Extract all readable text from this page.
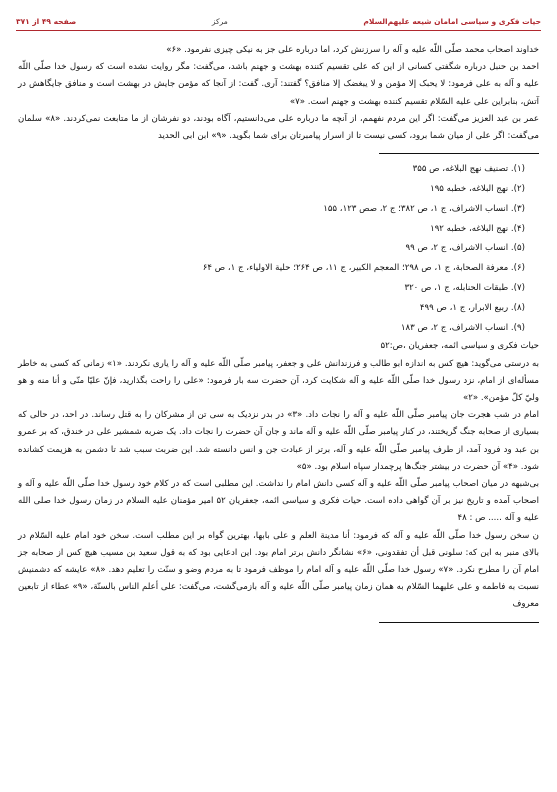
حیات فکری و سیاسی امامان شیعه علیهم‌السلام
مرکز
صفحه ۴۹ از ۳۷۱

خداوند اصحاب محمد صلّى اللّه علیه و آله را سرزنش کرد، اما درباره على جز به نیکى چیزى نفرمود. «۶»

احمد بن حنبل درباره شگفتى کسانى از این که على تقسیم کننده بهشت و جهنم باشد، مى‌گفت: مگر روایت نشده است که رسول خدا صلّى اللّه علیه و آله به على فرمود: لا یحبک إلا مؤمن و لا یبغضک إلا منافق؟ گفتند: آرى. گفت: از آنجا که مؤمن جایش در بهشت است و منافق جایگاهش در آتش، بنابراین على علیه السّلام تقسیم کننده بهشت و جهنم است. «۷»

عمر بن عبد العزیز مى‌گفت: اگر این مردم نفهمم، از آنچه ما درباره على مى‌دانستیم، آگاه بودند، دو نفرشان از ما متابعت نمى‌کردند. «۸» سلمان مى‌گفت: اگر على از میان شما برود، کسى نیست تا از اسرار پیامبرتان براى شما بگوید. «۹» ابن ابى الحدید

(۱). تصنیف نهج البلاغه، ص ۳۵۵
(۲). نهج البلاغه، خطبه ۱۹۵
(۳). انساب الاشراف، ج ۱، ص ۳۸۲؛ ج ۲، صص ۱۲۳، ۱۵۵
(۴). نهج البلاغه، خطبه ۱۹۲
(۵). انساب الاشراف، ج ۲، ص ۹۹
(۶). معرفة الصحابة، ج ۱، ص ۲۹۸؛ المعجم الکبیر، ج ۱۱، ص ۲۶۴؛ حلیة الاولیاء، ج ۱، ص ۶۴
(۷). طبقات الحنابله، ج ۱، ص ۳۲۰
(۸). ربیع الابرار، ج ۱، ص ۴۹۹
(۹). انساب الاشراف، ج ۲، ص ۱۸۳

حیات فکرى و سیاسى ائمه، جعفریان ،ص:۵۲

به درستى مى‌گوید: هیچ کس به اندازه ابو طالب و فرزندانش على و جعفر، پیامبر صلّى اللّه علیه و آله را یارى نکردند. «۱» زمانى که کسى به خاطر مسأله‌اى از امام، نزد رسول خدا صلّى اللّه علیه و آله شکایت کرد، آن حضرت سه بار فرمود: «على را راحت بگذارید، فإنّ عليّا منّى و أنا منه و هو وليّ كلّ مؤمن». «۲»

امام در شب هجرت جان پیامبر صلّى اللّه علیه و آله را نجات داد. «۳» در بدر نزدیک به سى تن از مشرکان را به قتل رساند. در احد، در حالى که بسیارى از صحابه جنگ گریختند، در کنار پیامبر صلّى اللّه علیه و آله ماند و جان آن حضرت را نجات داد. یک ضربه شمشیر على در خندق، که بر عمرو بن عبد ود فرود آمد، از طرف پیامبر صلّى اللّه علیه و آله، برتر از عبادت جن و انس دانسته شد. این ضربت سبب شد تا دشمن به هزیمت کشانده شود. «۴» آن حضرت در بیشتر جنگ‌ها پرچمدار سپاه اسلام بود. «۵»

بى‌شبهه در میان اصحاب پیامبر صلّى اللّه علیه و آله کسى دانش امام را نداشت. این مطلبى است که در کلام خود رسول خدا صلّى اللّه علیه و آله و اصحاب آمده و تاریخ نیز بر آن گواهى داده است. حیات فکرى و سیاسى ائمه، جعفریان ۵۲ امیر مؤمنان علیه السلام در زمان رسول خدا صلى الله علیه و آله ..... ص : ۴۸

ن سخن رسول خدا صلّى اللّه علیه و آله که فرمود: أنا مدینة العلم و على بابها، بهترین گواه بر این مطلب است. سخن خود امام علیه السّلام در بالاى منبر به این که: سلونى قبل أن تفقدونى، «۶» نشانگر دانش برتر امام بود. این ادعایى بود که به قول سعید بن مسیب هیچ کس از صحابه جز امام آن را مطرح نکرد. «۷» رسول خدا صلّى اللّه علیه و آله امام را موظف فرمود تا به مردم وضو و سنّت را تعلیم دهد. «۸» عایشه که دشمنیش نسبت به فاطمه و على علیهما السّلام به همان زمان پیامبر صلّى اللّه علیه و آله بازمى‌گشت، مى‌گفت: على أعلم الناس بالسنّة، «۹» عطاء از تابعین معروف
